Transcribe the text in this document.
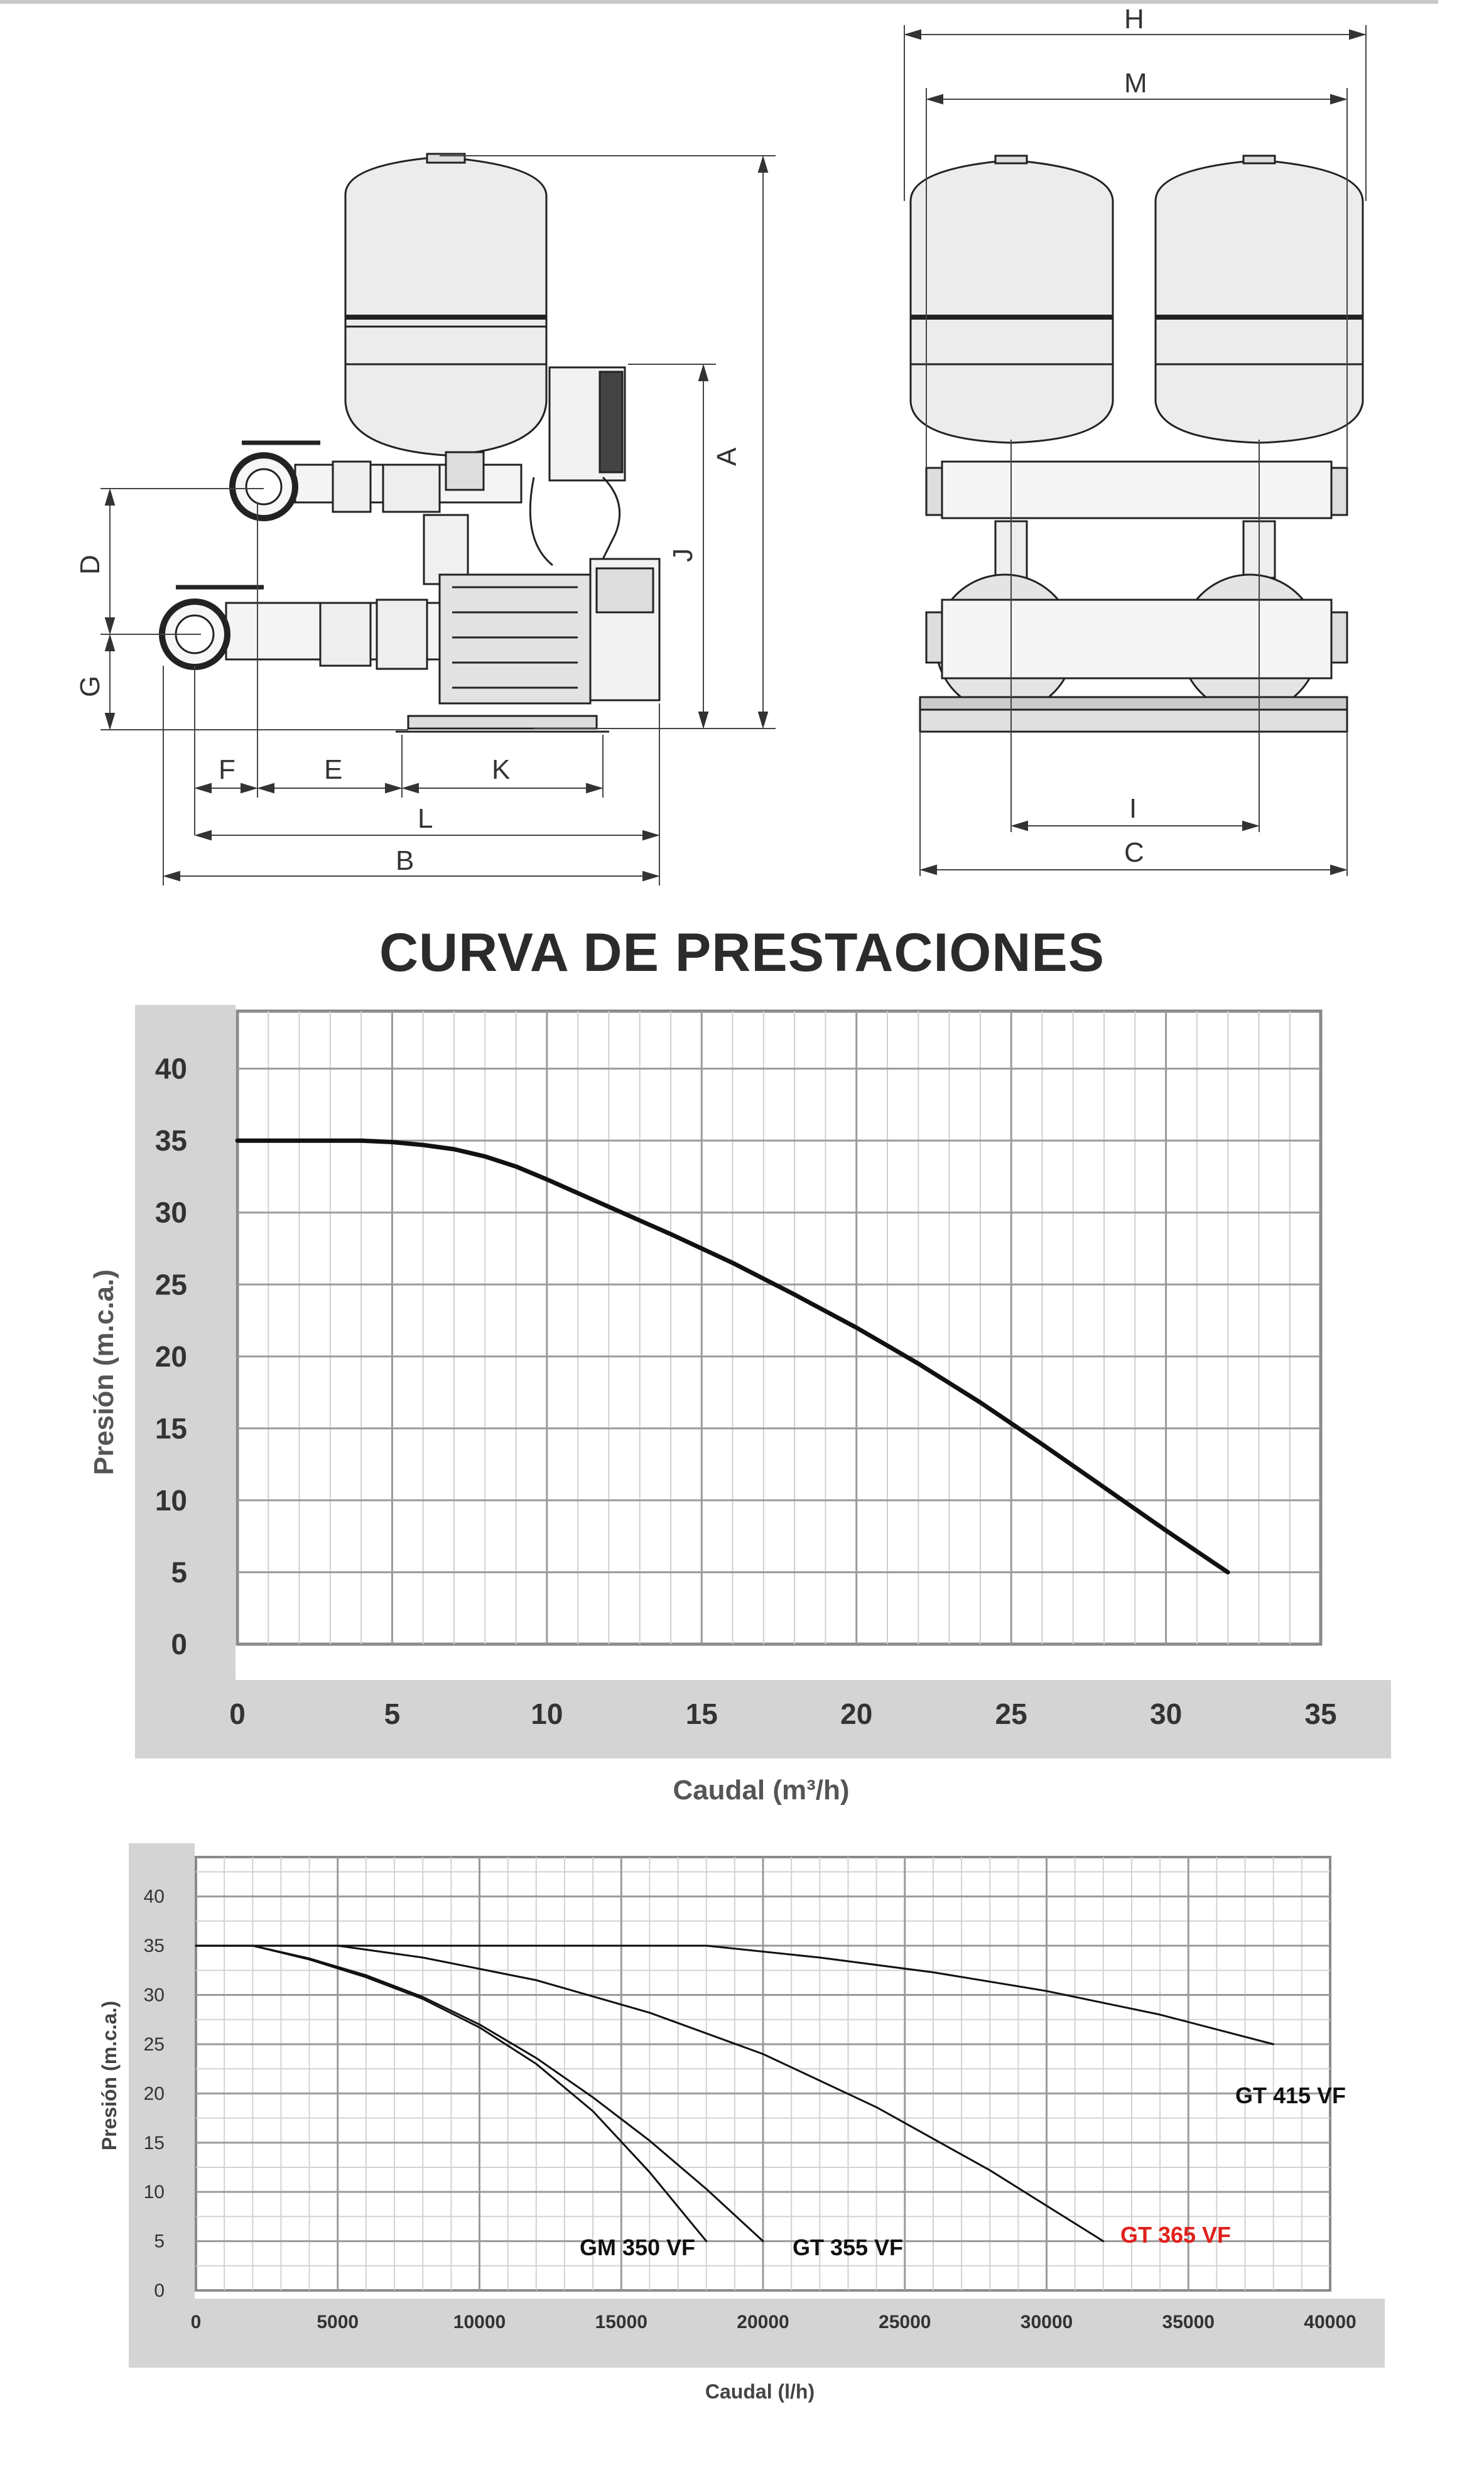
A
D
G
J
F	E	K
L
B
H
M
I
C
CURVA DE PRESTACIONES
0
5
10
15
20
25
30
35
40
0	5	10	15	20	25	30	35
Presión (m.c.a.)
Caudal (m³/h)
0
5
10
15
20
25
30
35
40
0	5000	10000	15000	20000	25000	30000	35000	40000
GM 350 VF	GT 355 VF	GT 365 VF
GT 415 VF
Presión (m.c.a.)
Caudal (l/h)
